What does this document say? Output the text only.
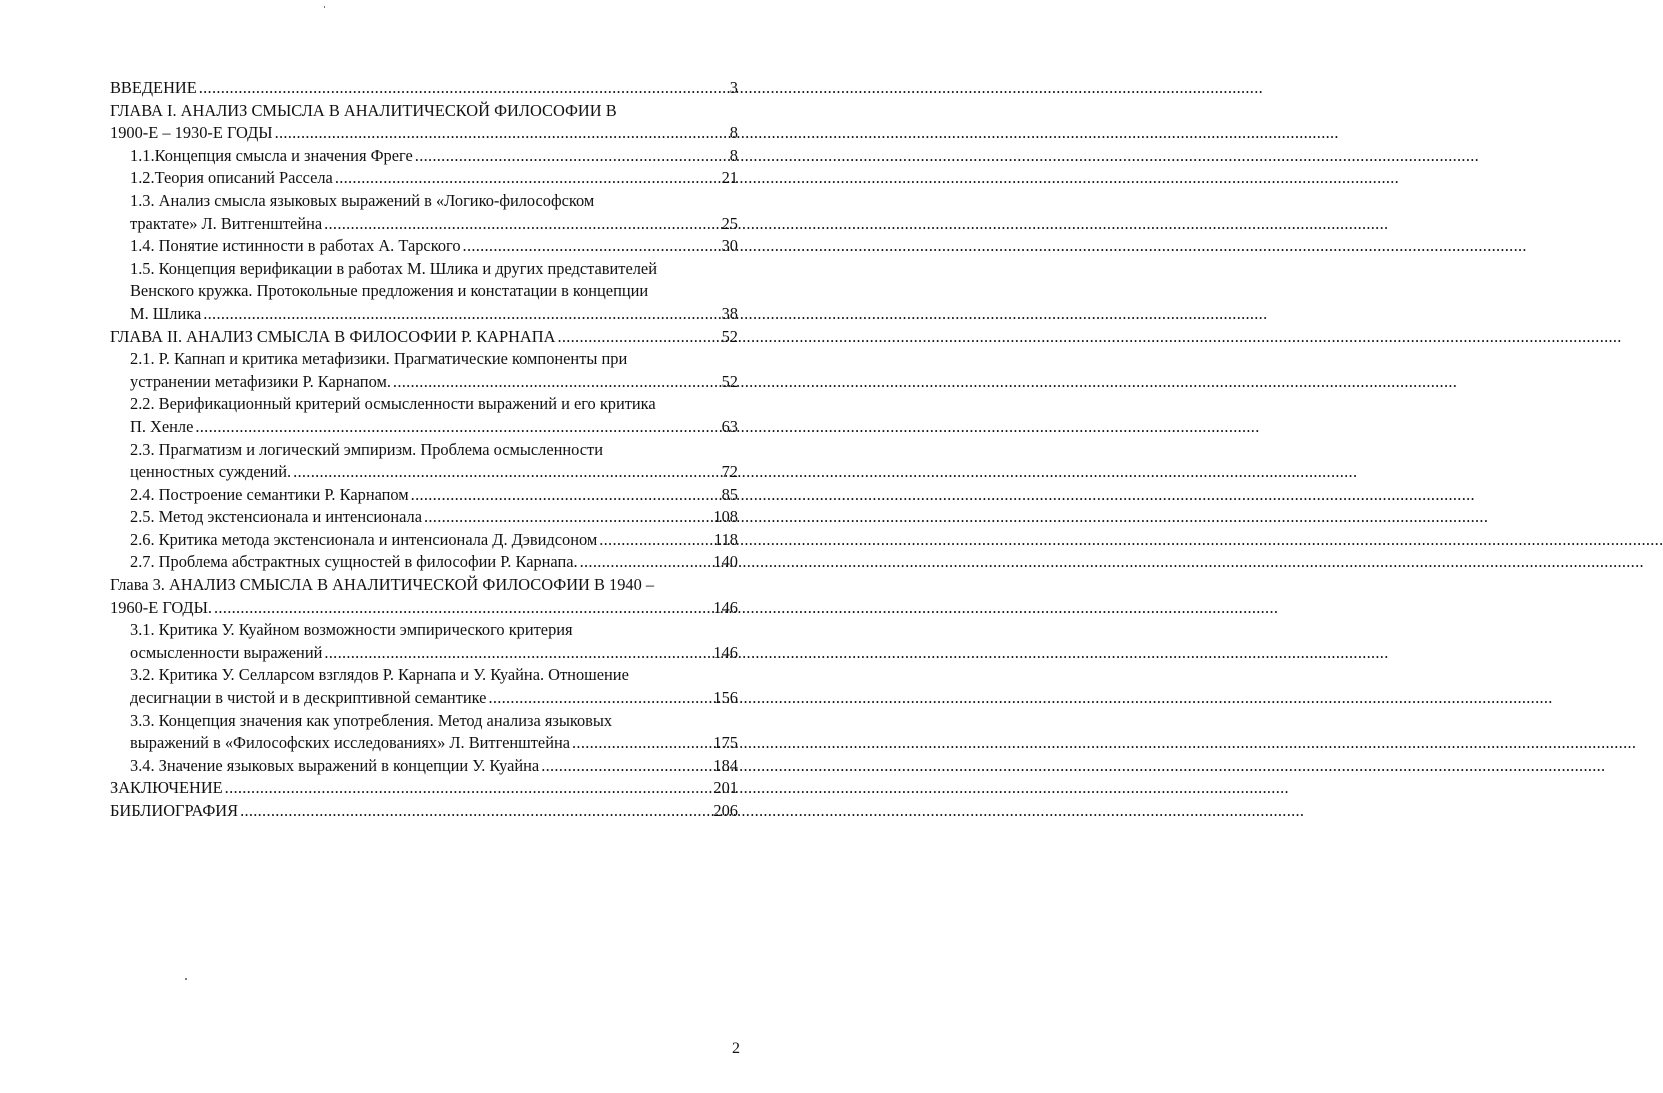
ВВЕДЕНИЕ .....	3
ГЛАВА I. АНАЛИЗ СМЫСЛА В АНАЛИТИЧЕСКОЙ ФИЛОСОФИИ В
1900-Е – 1930-Е ГОДЫ .....	8
1.1.Концепция смысла и значения Фреге .....	8
1.2.Теория описаний Рассела .....	21
1.3. Анализ смысла языковых выражений в «Логико-философском
трактате» Л. Витгенштейна .....	25
1.4. Понятие истинности в работах А. Тарского .....	30
1.5. Концепция верификации в работах М. Шлика и других представителей
Венского кружка. Протокольные предложения и констатации в концепции
М. Шлика .....	38
ГЛАВА II. АНАЛИЗ СМЫСЛА В ФИЛОСОФИИ Р. КАРНАПА .....	52
2.1. Р. Капнап и критика метафизики. Прагматические компоненты при
устранении метафизики Р. Карнапом. .....	52
2.2. Верификационный критерий осмысленности выражений и его критика
П. Хенле .....	63
2.3. Прагматизм и логический эмпиризм. Проблема осмысленности
ценностных суждений. .....	72
2.4. Построение семантики Р. Карнапом .....	85
2.5. Метод экстенсионала и интенсионала .....	108
2.6. Критика метода экстенсионала и интенсионала Д. Дэвидсоном .....	118
2.7. Проблема абстрактных сущностей в философии Р. Карнапа. .....	140
Глава 3. АНАЛИЗ СМЫСЛА В АНАЛИТИЧЕСКОЙ ФИЛОСОФИИ В 1940 –
1960-Е ГОДЫ. .....	146
3.1. Критика У. Куайном возможности эмпирического критерия
осмысленности выражений .....	146
3.2. Критика У. Селларсом взглядов Р. Карнапа и У. Куайна. Отношение
десигнации в чистой и в дескриптивной семантике .....	156
3.3. Концепция значения как употребления. Метод анализа языковых
выражений в «Философских исследованиях» Л. Витгенштейна .....	175
3.4. Значение языковых выражений в концепции У. Куайна .....	184
ЗАКЛЮЧЕНИЕ .....	201
БИБЛИОГРАФИЯ .....	206
2
